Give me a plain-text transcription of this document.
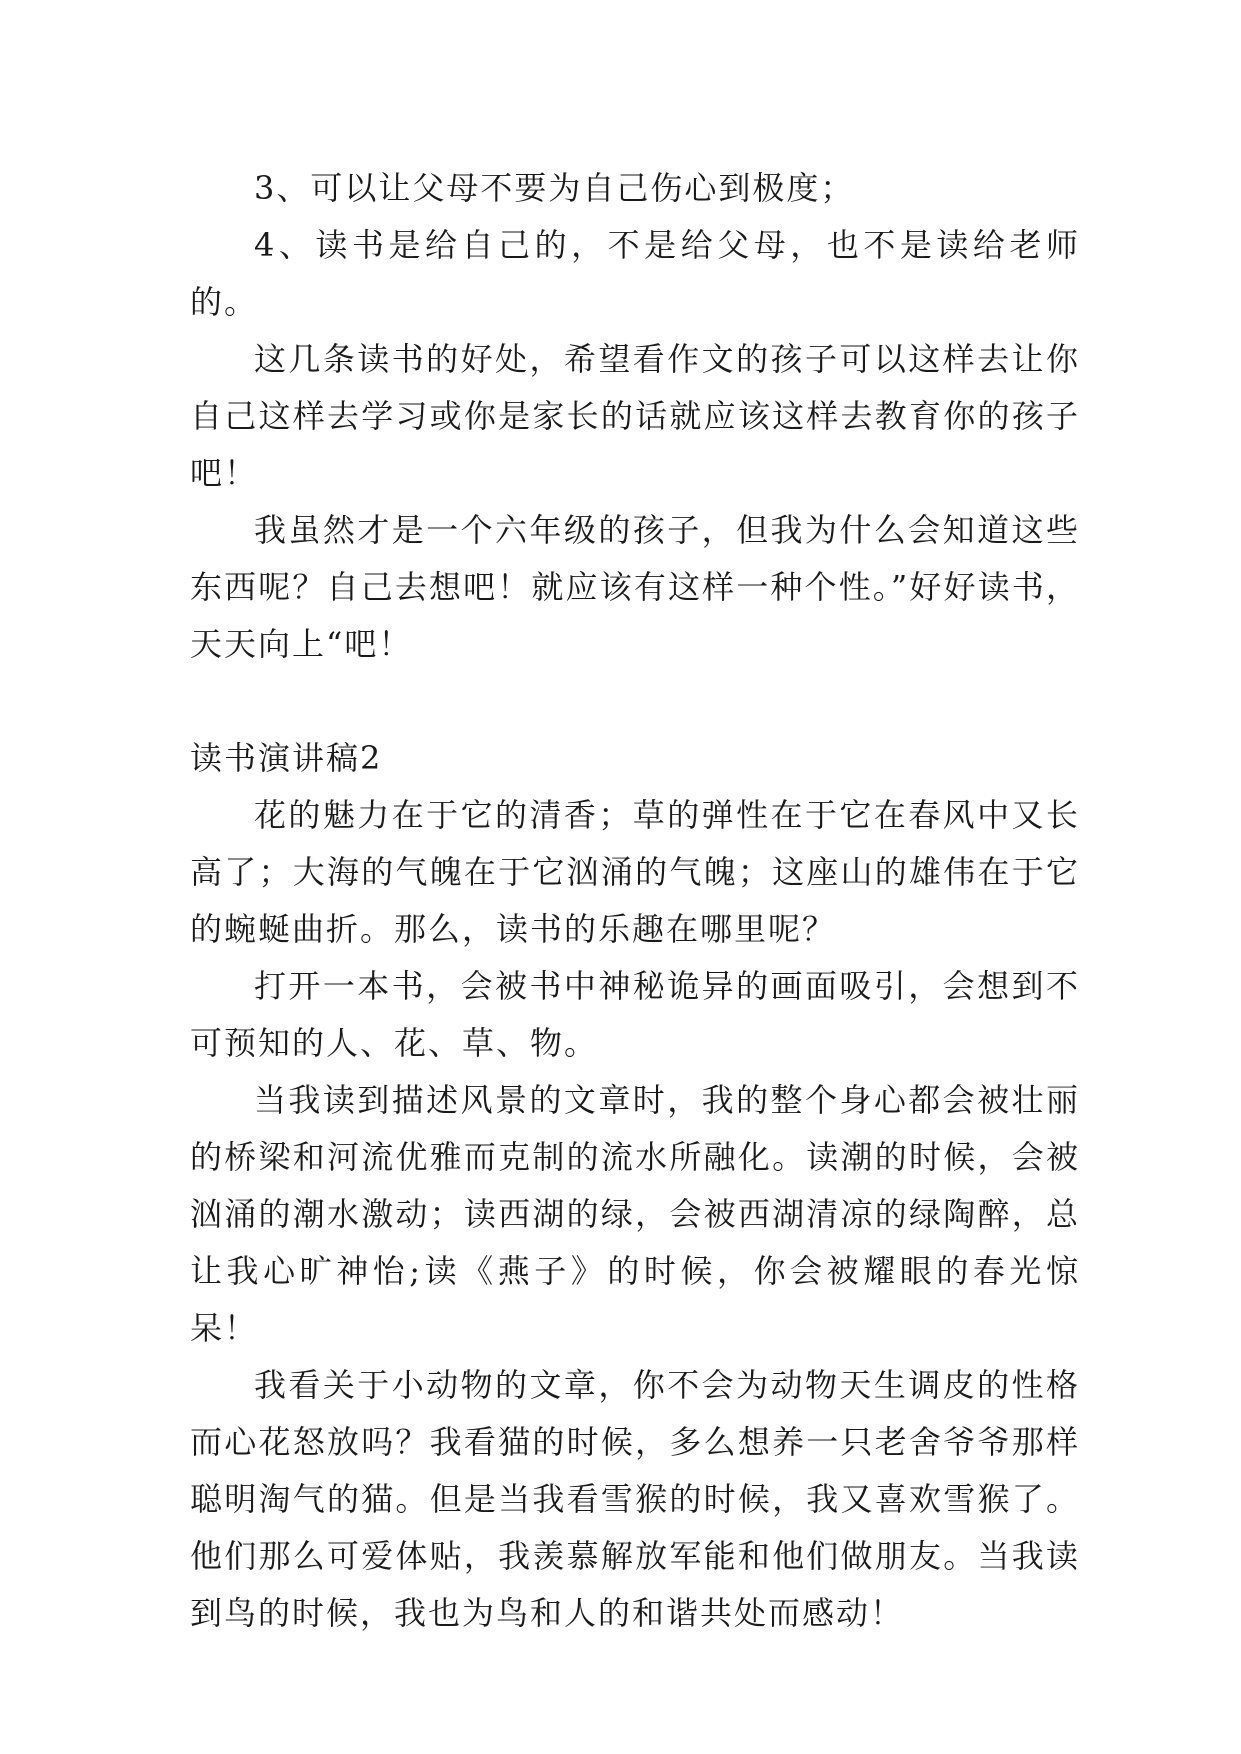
3、可以让父母不要为自己伤心到极度；

4、读书是给自己的，不是给父母，也不是读给老师的。

这几条读书的好处，希望看作文的孩子可以这样去让你自己这样去学习或你是家长的话就应该这样去教育你的孩子吧！

我虽然才是一个六年级的孩子，但我为什么会知道这些东西呢？自己去想吧！就应该有这样一种个性。”好好读书，天天向上“吧！

读书演讲稿2

花的魅力在于它的清香；草的弹性在于它在春风中又长高了；大海的气魄在于它汹涌的气魄；这座山的雄伟在于它的蜿蜒曲折。那么，读书的乐趣在哪里呢？

打开一本书，会被书中神秘诡异的画面吸引，会想到不可预知的人、花、草、物。

当我读到描述风景的文章时，我的整个身心都会被壮丽的桥梁和河流优雅而克制的流水所融化。读潮的时候，会被汹涌的潮水激动；读西湖的绿，会被西湖清凉的绿陶醉，总让我心旷神怡;读《燕子》的时候，你会被耀眼的春光惊呆！

我看关于小动物的文章，你不会为动物天生调皮的性格而心花怒放吗？我看猫的时候，多么想养一只老舍爷爷那样聪明淘气的猫。但是当我看雪猴的时候，我又喜欢雪猴了。他们那么可爱体贴，我羡慕解放军能和他们做朋友。当我读到鸟的时候，我也为鸟和人的和谐共处而感动！
